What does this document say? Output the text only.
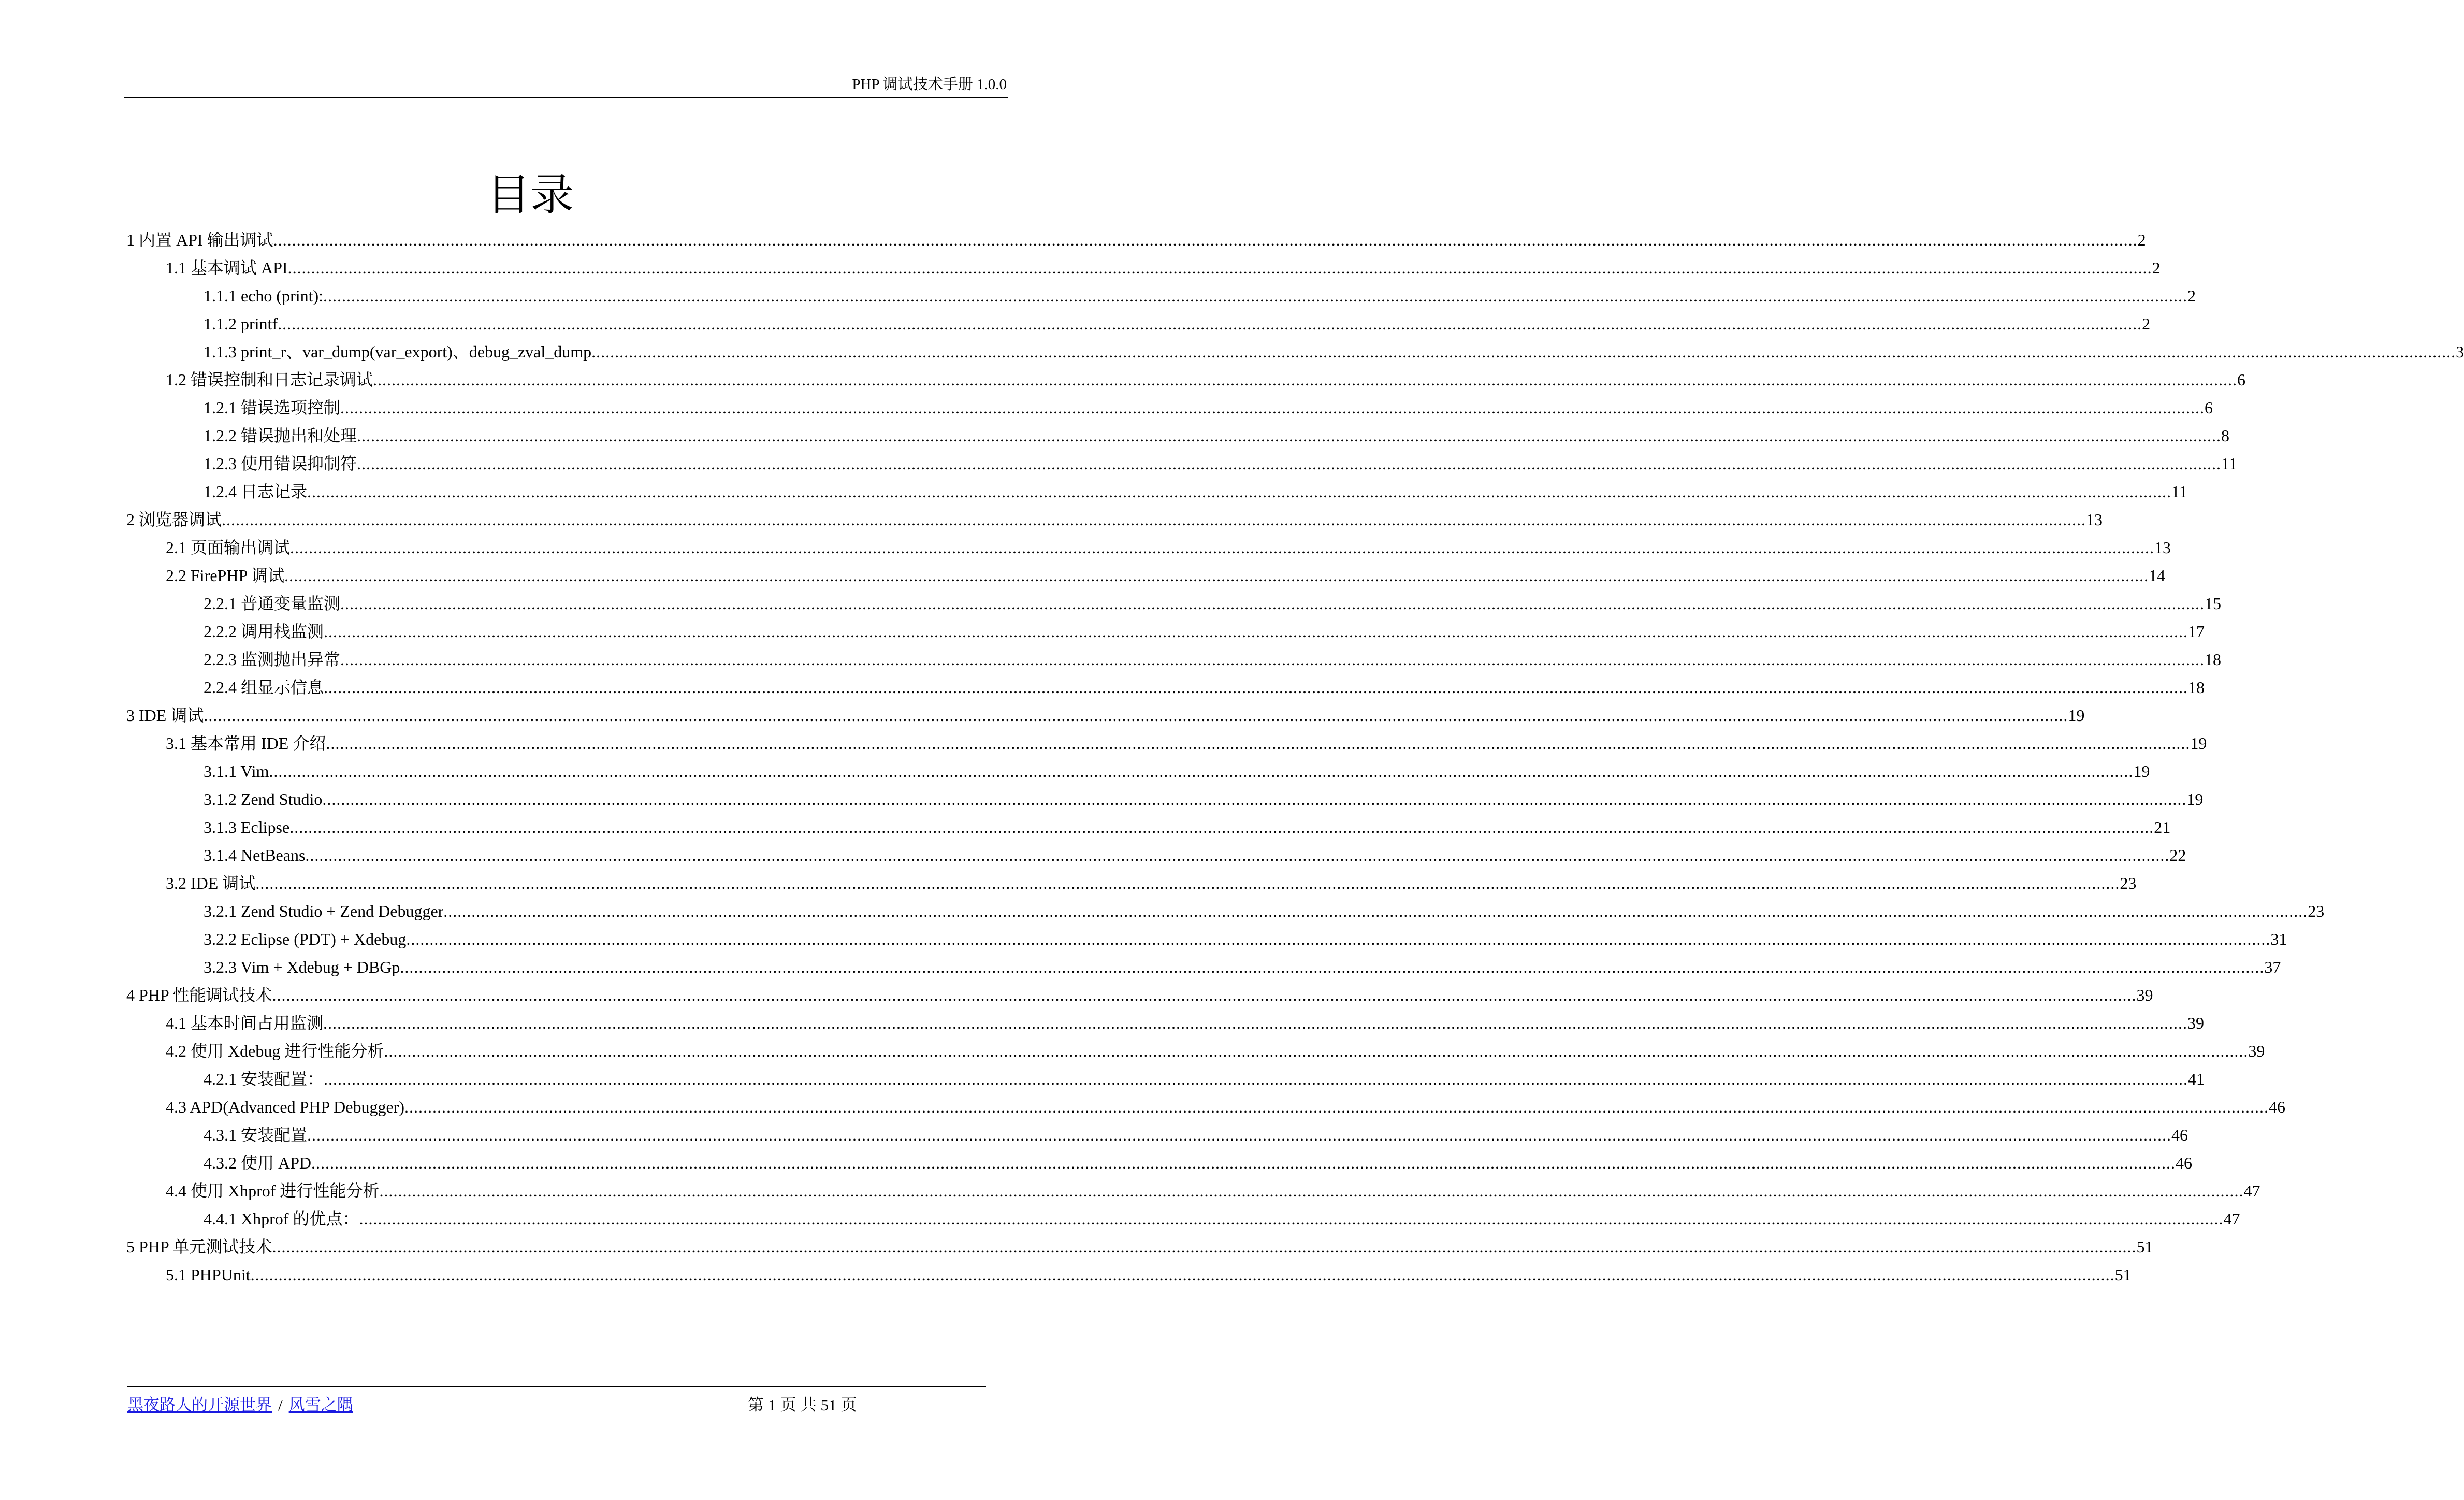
PHP 调试技术手册 1.0.0
目录
1 内置 API 输出调试 ................................................................................................................................................................................................................................................................................................................................................................................................................ 2
1.1 基本调试 API ................................................................................................................................................................................................................................................................................................................................................................................................................ 2
1.1.1 echo (print): ................................................................................................................................................................................................................................................................................................................................................................................................................ 2
1.1.2 printf ................................................................................................................................................................................................................................................................................................................................................................................................................ 2
1.1.3 print_r、var_dump(var_export)、debug_zval_dump ................................................................................................................................................................................................................................................................................................................................................................................................................ 3
1.2 错误控制和日志记录调试 ................................................................................................................................................................................................................................................................................................................................................................................................................ 6
1.2.1 错误选项控制 ................................................................................................................................................................................................................................................................................................................................................................................................................ 6
1.2.2 错误抛出和处理 ................................................................................................................................................................................................................................................................................................................................................................................................................ 8
1.2.3 使用错误抑制符 ................................................................................................................................................................................................................................................................................................................................................................................................................ 11
1.2.4 日志记录 ................................................................................................................................................................................................................................................................................................................................................................................................................ 11
2 浏览器调试 ................................................................................................................................................................................................................................................................................................................................................................................................................ 13
2.1 页面输出调试 ................................................................................................................................................................................................................................................................................................................................................................................................................ 13
2.2 FirePHP 调试 ................................................................................................................................................................................................................................................................................................................................................................................................................ 14
2.2.1 普通变量监测 ................................................................................................................................................................................................................................................................................................................................................................................................................ 15
2.2.2 调用栈监测 ................................................................................................................................................................................................................................................................................................................................................................................................................ 17
2.2.3 监测抛出异常 ................................................................................................................................................................................................................................................................................................................................................................................................................ 18
2.2.4 组显示信息 ................................................................................................................................................................................................................................................................................................................................................................................................................ 18
3 IDE 调试 ................................................................................................................................................................................................................................................................................................................................................................................................................ 19
3.1 基本常用 IDE 介绍 ................................................................................................................................................................................................................................................................................................................................................................................................................ 19
3.1.1 Vim ................................................................................................................................................................................................................................................................................................................................................................................................................ 19
3.1.2 Zend Studio ................................................................................................................................................................................................................................................................................................................................................................................................................ 19
3.1.3 Eclipse ................................................................................................................................................................................................................................................................................................................................................................................................................ 21
3.1.4 NetBeans ................................................................................................................................................................................................................................................................................................................................................................................................................ 22
3.2 IDE 调试 ................................................................................................................................................................................................................................................................................................................................................................................................................ 23
3.2.1 Zend Studio + Zend Debugger ................................................................................................................................................................................................................................................................................................................................................................................................................ 23
3.2.2 Eclipse (PDT) + Xdebug ................................................................................................................................................................................................................................................................................................................................................................................................................ 31
3.2.3 Vim + Xdebug + DBGp ................................................................................................................................................................................................................................................................................................................................................................................................................ 37
4 PHP 性能调试技术 ................................................................................................................................................................................................................................................................................................................................................................................................................ 39
4.1 基本时间占用监测 ................................................................................................................................................................................................................................................................................................................................................................................................................ 39
4.2 使用 Xdebug 进行性能分析 ................................................................................................................................................................................................................................................................................................................................................................................................................ 39
4.2.1 安装配置： ................................................................................................................................................................................................................................................................................................................................................................................................................ 41
4.3 APD(Advanced PHP Debugger) ................................................................................................................................................................................................................................................................................................................................................................................................................ 46
4.3.1 安装配置 ................................................................................................................................................................................................................................................................................................................................................................................................................ 46
4.3.2 使用 APD ................................................................................................................................................................................................................................................................................................................................................................................................................ 46
4.4 使用 Xhprof 进行性能分析 ................................................................................................................................................................................................................................................................................................................................................................................................................ 47
4.4.1 Xhprof 的优点： ................................................................................................................................................................................................................................................................................................................................................................................................................ 47
5 PHP 单元测试技术 ................................................................................................................................................................................................................................................................................................................................................................................................................ 51
5.1 PHPUnit ................................................................................................................................................................................................................................................................................................................................................................................................................ 51
黑夜路人的开源世界 / 风雪之隅	第 1 页 共 51 页
